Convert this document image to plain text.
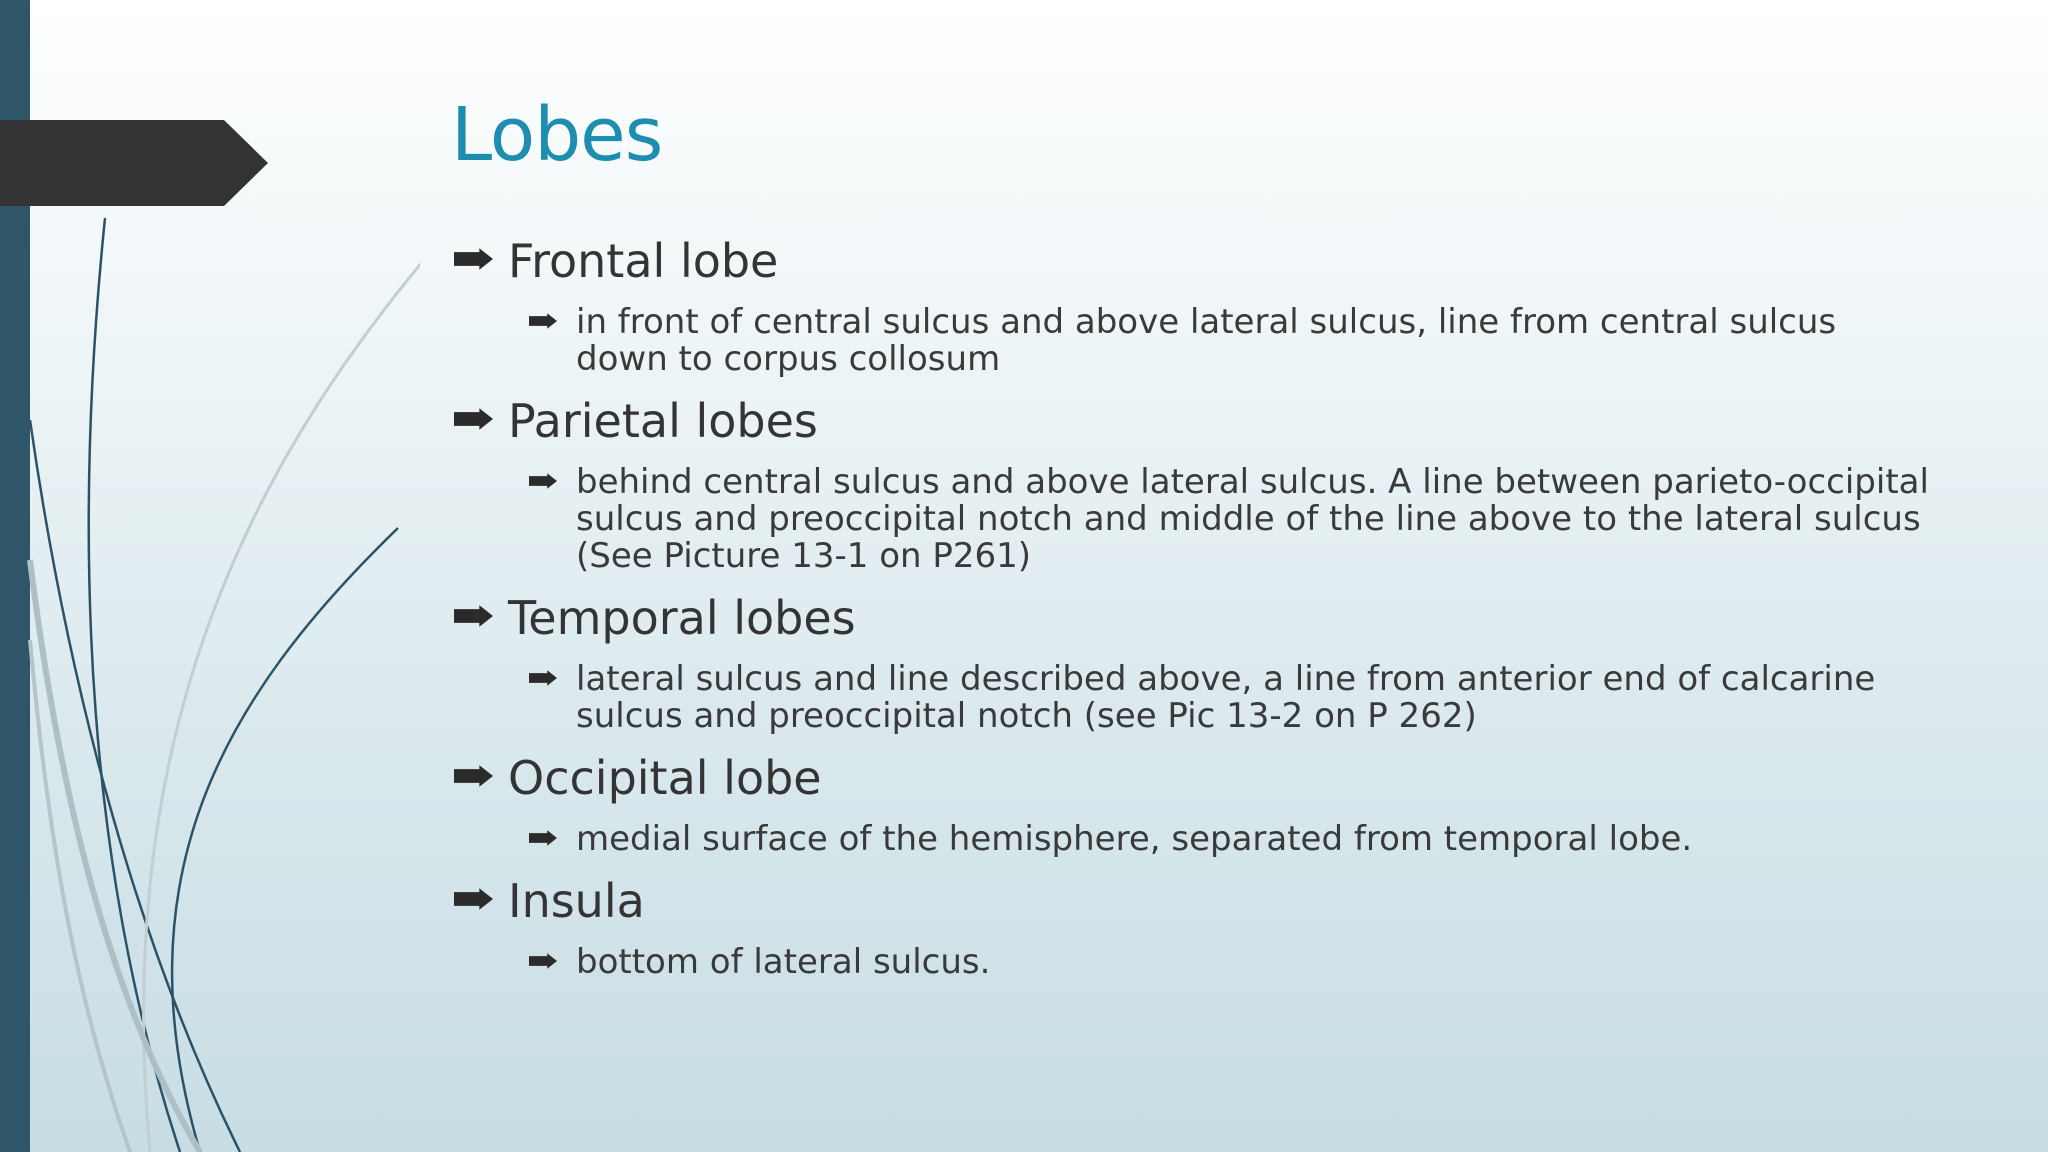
Lobes
Frontal lobe
in front of central sulcus and above lateral sulcus, line from central sulcus down to corpus collosum
Parietal lobes
behind central sulcus and above lateral sulcus. A line between parieto-occipital sulcus and preoccipital notch and middle of the line above to the lateral sulcus (See Picture 13-1 on P261)
Temporal lobes
lateral sulcus and line described above, a line from anterior end of calcarine sulcus and preoccipital notch (see Pic 13-2 on P 262)
Occipital lobe
medial surface of the hemisphere, separated from temporal lobe.
Insula
bottom of lateral sulcus.
